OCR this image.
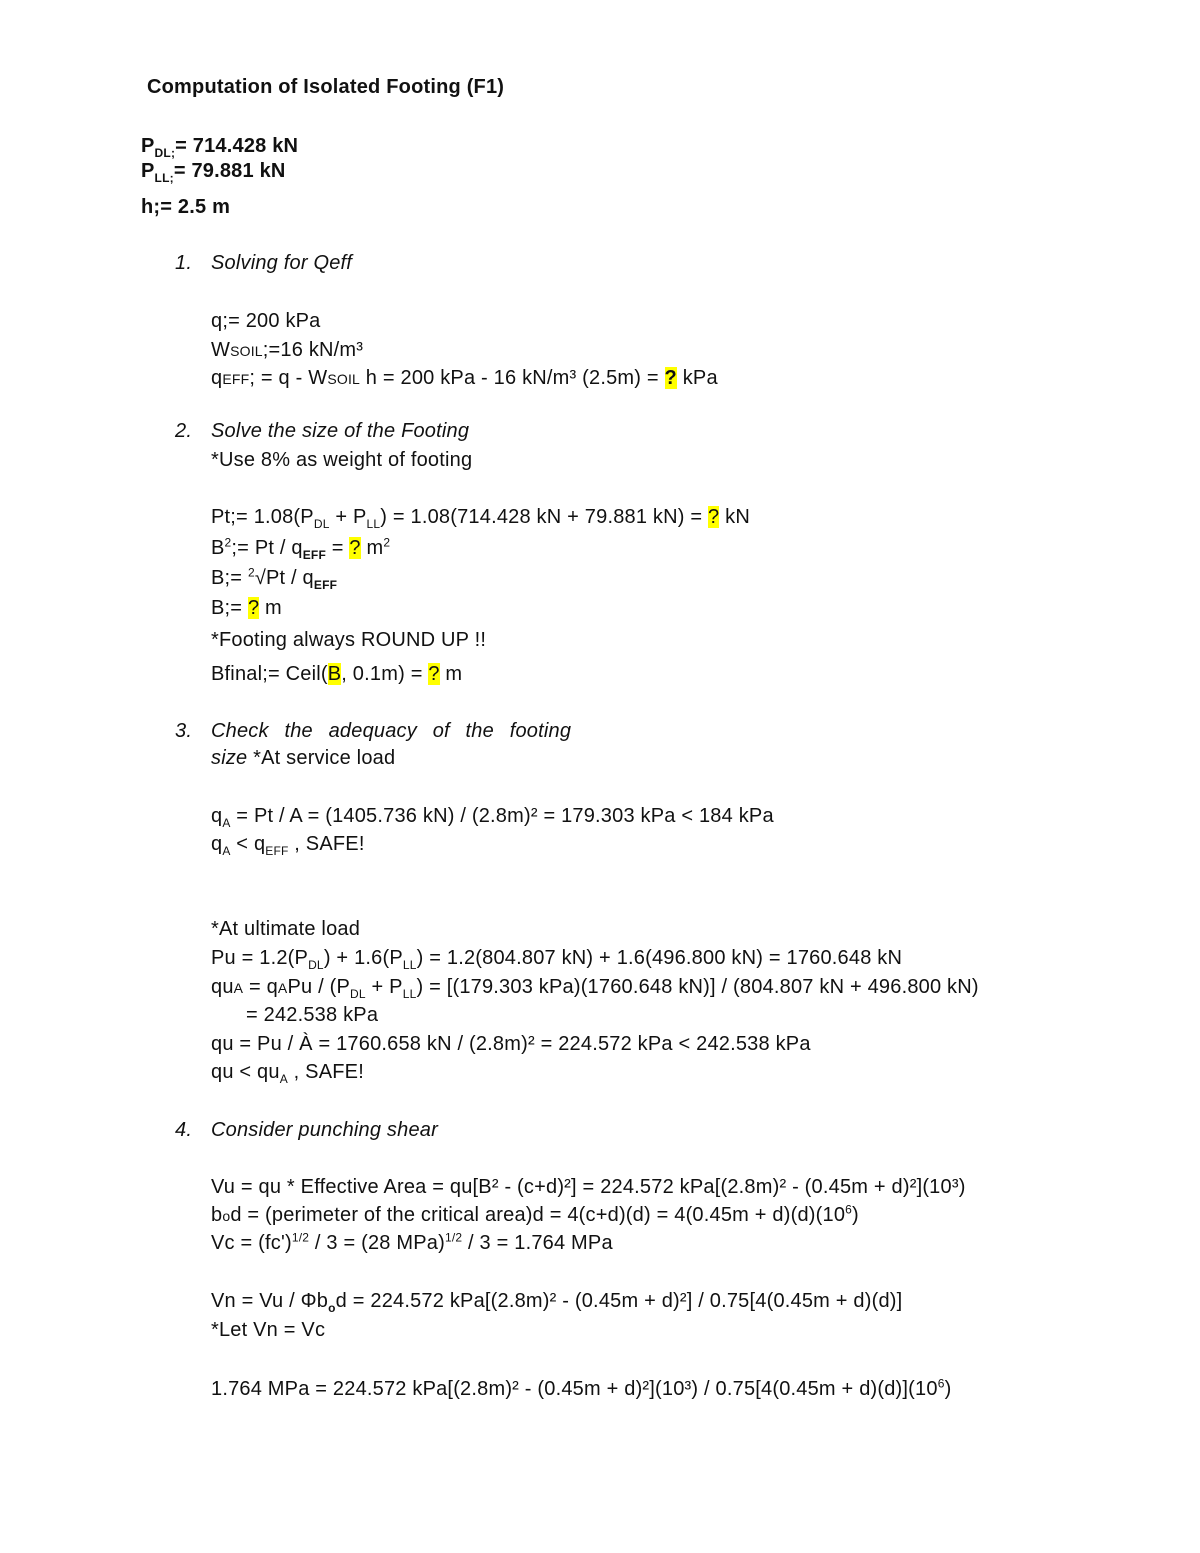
Computation of Isolated Footing (F1)
$P_{DL;}= 714.428$ kN
$P_{LL;}= 79.881$ kN
h;= 2.5 m
1. Solving for Qeff
q;= 200 kPa
WSOIL;=16 kN/m³
qEFF; = q - WSOIL h = 200 kPa - 16 kN/m³ (2.5m) = ? kPa
2. Solve the size of the Footing
*Use 8% as weight of footing
Pt;= $1.08(P_{DL} + P_{LL}) = 1.08(714.428$ kN + 79.881 kN) = ? kN
$B^2;= Pt / q_{EFF}$ = ? $m^2$
B;= $^2√Pt / q_{EFF}$
B;= ? m
*Footing always ROUND UP !!
Bfinal;= Ceil(B, 0.1m) = ? m
3. Check the adequacy of the footing
size *At service load
$q_A = Pt / A = (1405.736$ kN) / (2.8m)² = 179.303 kPa < 184 kPa
$q_A < q_{EFF}$ , SAFE!
*At ultimate load
$Pu = 1.2(P_{DL}) + 1.6(P_{LL}) = 1.2(804.807$ kN) + 1.6(496.800 kN) = 1760.648 kN
quA = qAPu / $(P_{DL} + P_{LL}) = [(179.303$ kPa)(1760.648 kN)] / (804.807 kN + 496.800 kN)
= 242.538 kPa
qu = Pu / À = 1760.658 kN / (2.8m)² = 224.572 kPa < 242.538 kPa
qu < $qu_A$ , SAFE!
4. Consider punching shear
Vu = qu * Effective Area = qu[B² - (c+d)²] = 224.572 kPa[(2.8m)² - (0.45m + d)²](10³)
bod = (perimeter of the critical area)d = $4(c+d)(d) = 4(0.45m + d)(d)(10^6)$
$Vc = (fc')^{1/2} / 3 = (28$ MPa)$^{1/2}$ / 3 = 1.764 MPa
$Vn = Vu / \Phi b_od = 224.572$ kPa[(2.8m)² - (0.45m + d)²] / 0.75[4(0.45m + d)(d)]
*Let Vn = Vc
1.764 MPa = 224.572 $kPa[(2.8m)^2 - (0.45m + d)^2](10^3) / 0.75[4(0.45m + d)(d)](10^6)$
